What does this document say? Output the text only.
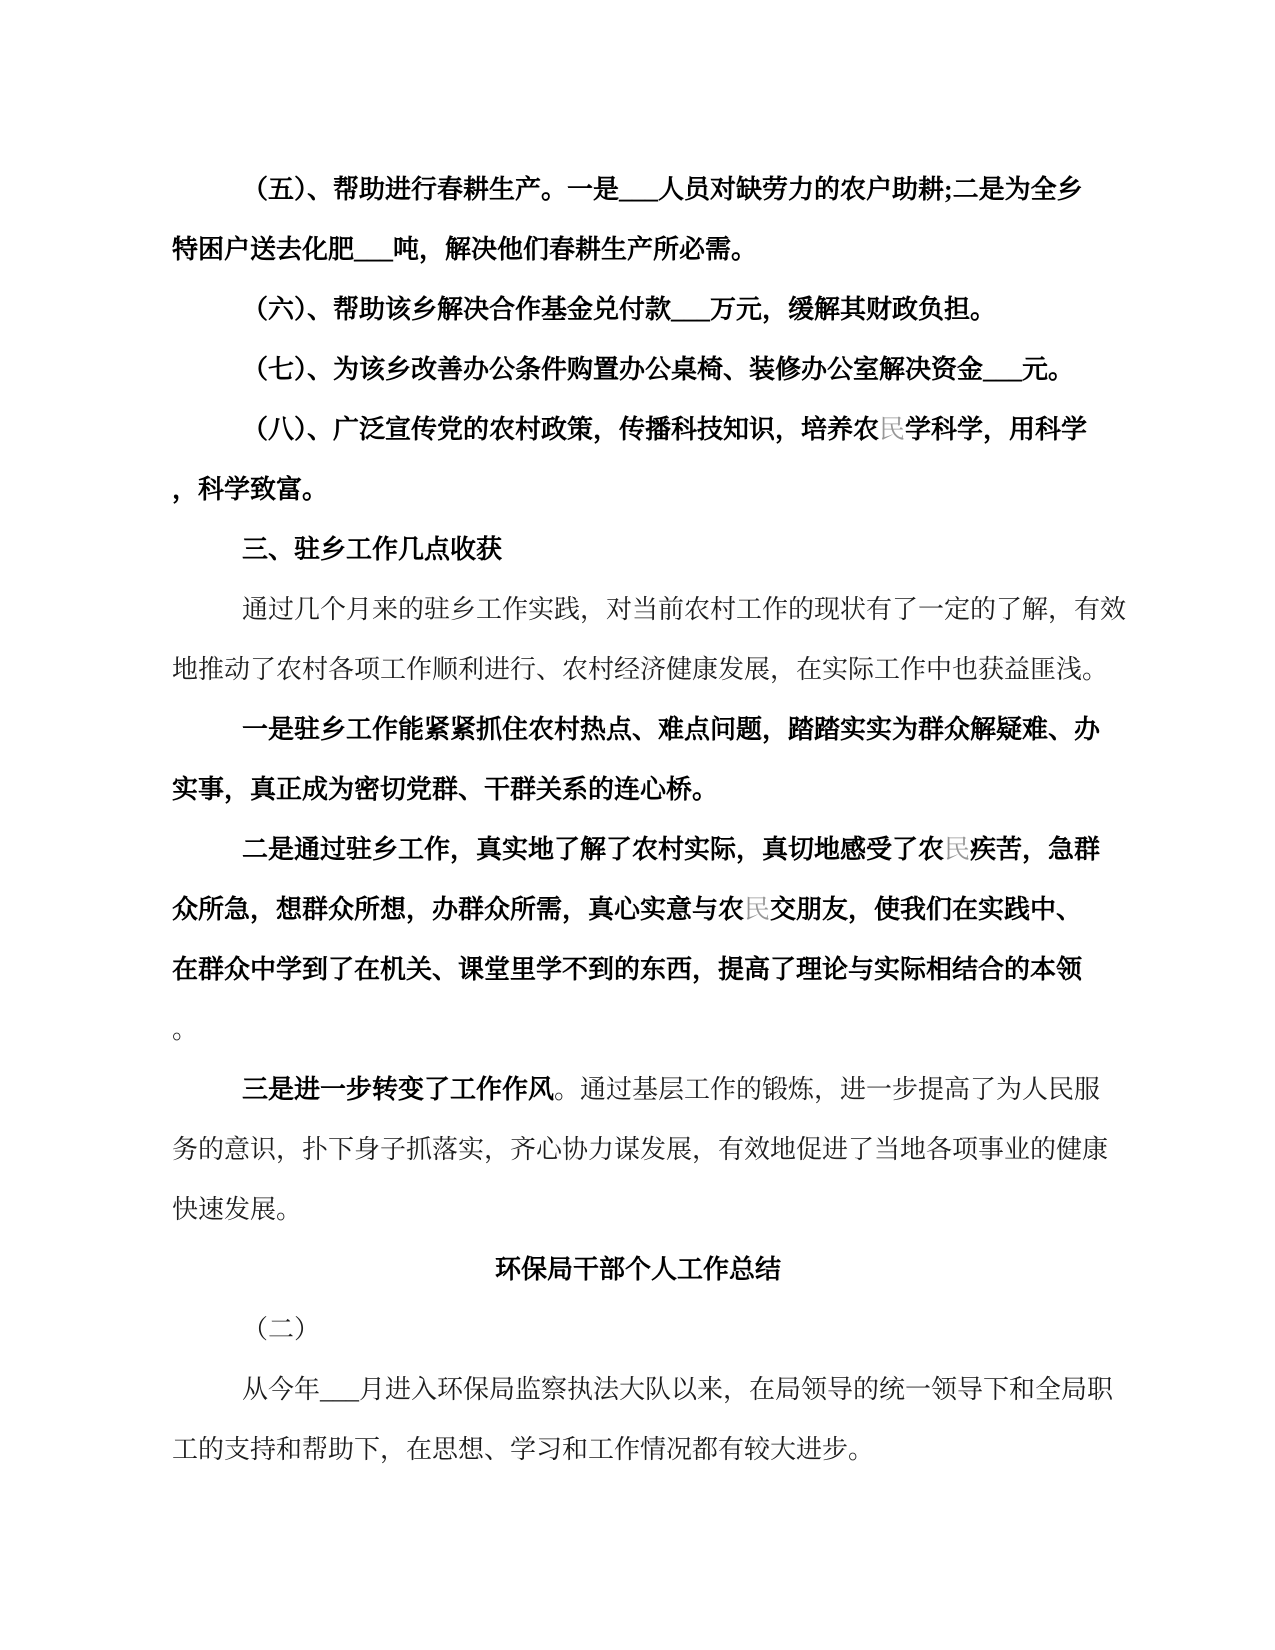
（五）、帮助进行春耕生产。一是___人员对缺劳力的农户助耕;二是为全乡
特困户送去化肥___吨，解决他们春耕生产所必需。
（六）、帮助该乡解决合作基金兑付款___万元，缓解其财政负担。
（七）、为该乡改善办公条件购置办公桌椅、装修办公室解决资金___元。
（八）、广泛宣传党的农村政策，传播科技知识，培养农民学科学，用科学
，科学致富。
三、驻乡工作几点收获
通过几个月来的驻乡工作实践，对当前农村工作的现状有了一定的了解，有效
地推动了农村各项工作顺利进行、农村经济健康发展，在实际工作中也获益匪浅。
一是驻乡工作能紧紧抓住农村热点、难点问题，踏踏实实为群众解疑难、办
实事，真正成为密切党群、干群关系的连心桥。
二是通过驻乡工作，真实地了解了农村实际，真切地感受了农民疾苦，急群
众所急，想群众所想，办群众所需，真心实意与农民交朋友，使我们在实践中、
在群众中学到了在机关、课堂里学不到的东西，提高了理论与实际相结合的本领
。
三是进一步转变了工作作风。通过基层工作的锻炼，进一步提高了为人民服
务的意识，扑下身子抓落实，齐心协力谋发展，有效地促进了当地各项事业的健康
快速发展。
环保局干部个人工作总结
（二）
从今年___月进入环保局监察执法大队以来，在局领导的统一领导下和全局职
工的支持和帮助下，在思想、学习和工作情况都有较大进步。
